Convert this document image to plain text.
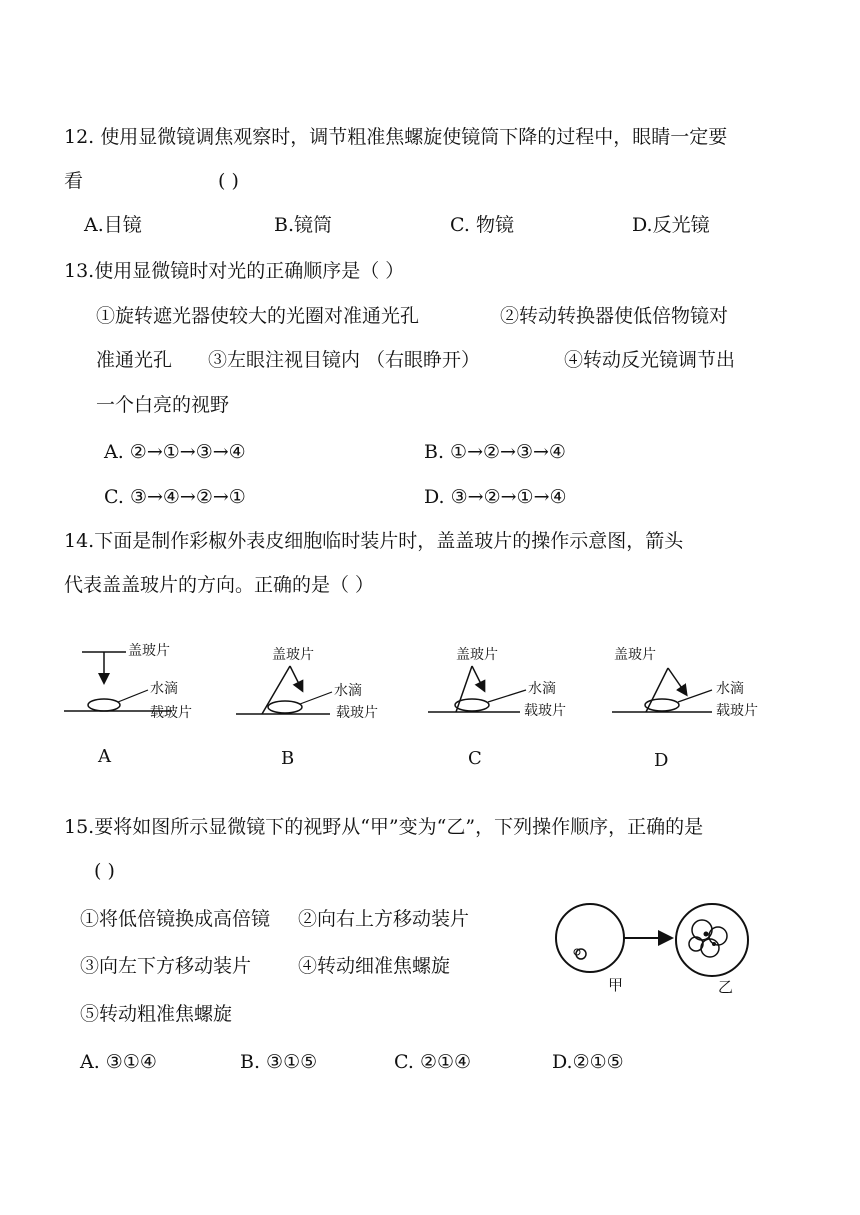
12. 使用显微镜调焦观察时，调节粗准焦螺旋使镜筒下降的过程中，眼睛一定要
看	( )
A.目镜	B.镜筒	C. 物镜	D.反光镜
13.使用显微镜时对光的正确顺序是（ ）
①旋转遮光器使较大的光圈对准通光孔	②转动转换器使低倍物镜对
准通光孔 ③左眼注视目镜内 （右眼睁开）	④转动反光镜调节出
一个白亮的视野
A. ②→①→③→④	B. ①→②→③→④
C. ③→④→②→①	D. ③→②→①→④
14.下面是制作彩椒外表皮细胞临时装片时，盖盖玻片的操作示意图，箭头
代表盖盖玻片的方向。正确的是（ ）
盖玻片
水滴
载玻片
A
盖玻片
水滴
载玻片
B
盖玻片
水滴
载玻片
C
盖玻片
水滴
载玻片
D
15.要将如图所示显微镜下的视野从“甲”变为“乙”，下列操作顺序，正确的是
( )
①将低倍镜换成高倍镜 ②向右上方移动装片
③向左下方移动装片 ④转动细准焦螺旋
⑤转动粗准焦螺旋
甲	乙
A. ③①④	B. ③①⑤	C. ②①④	D.②①⑤
